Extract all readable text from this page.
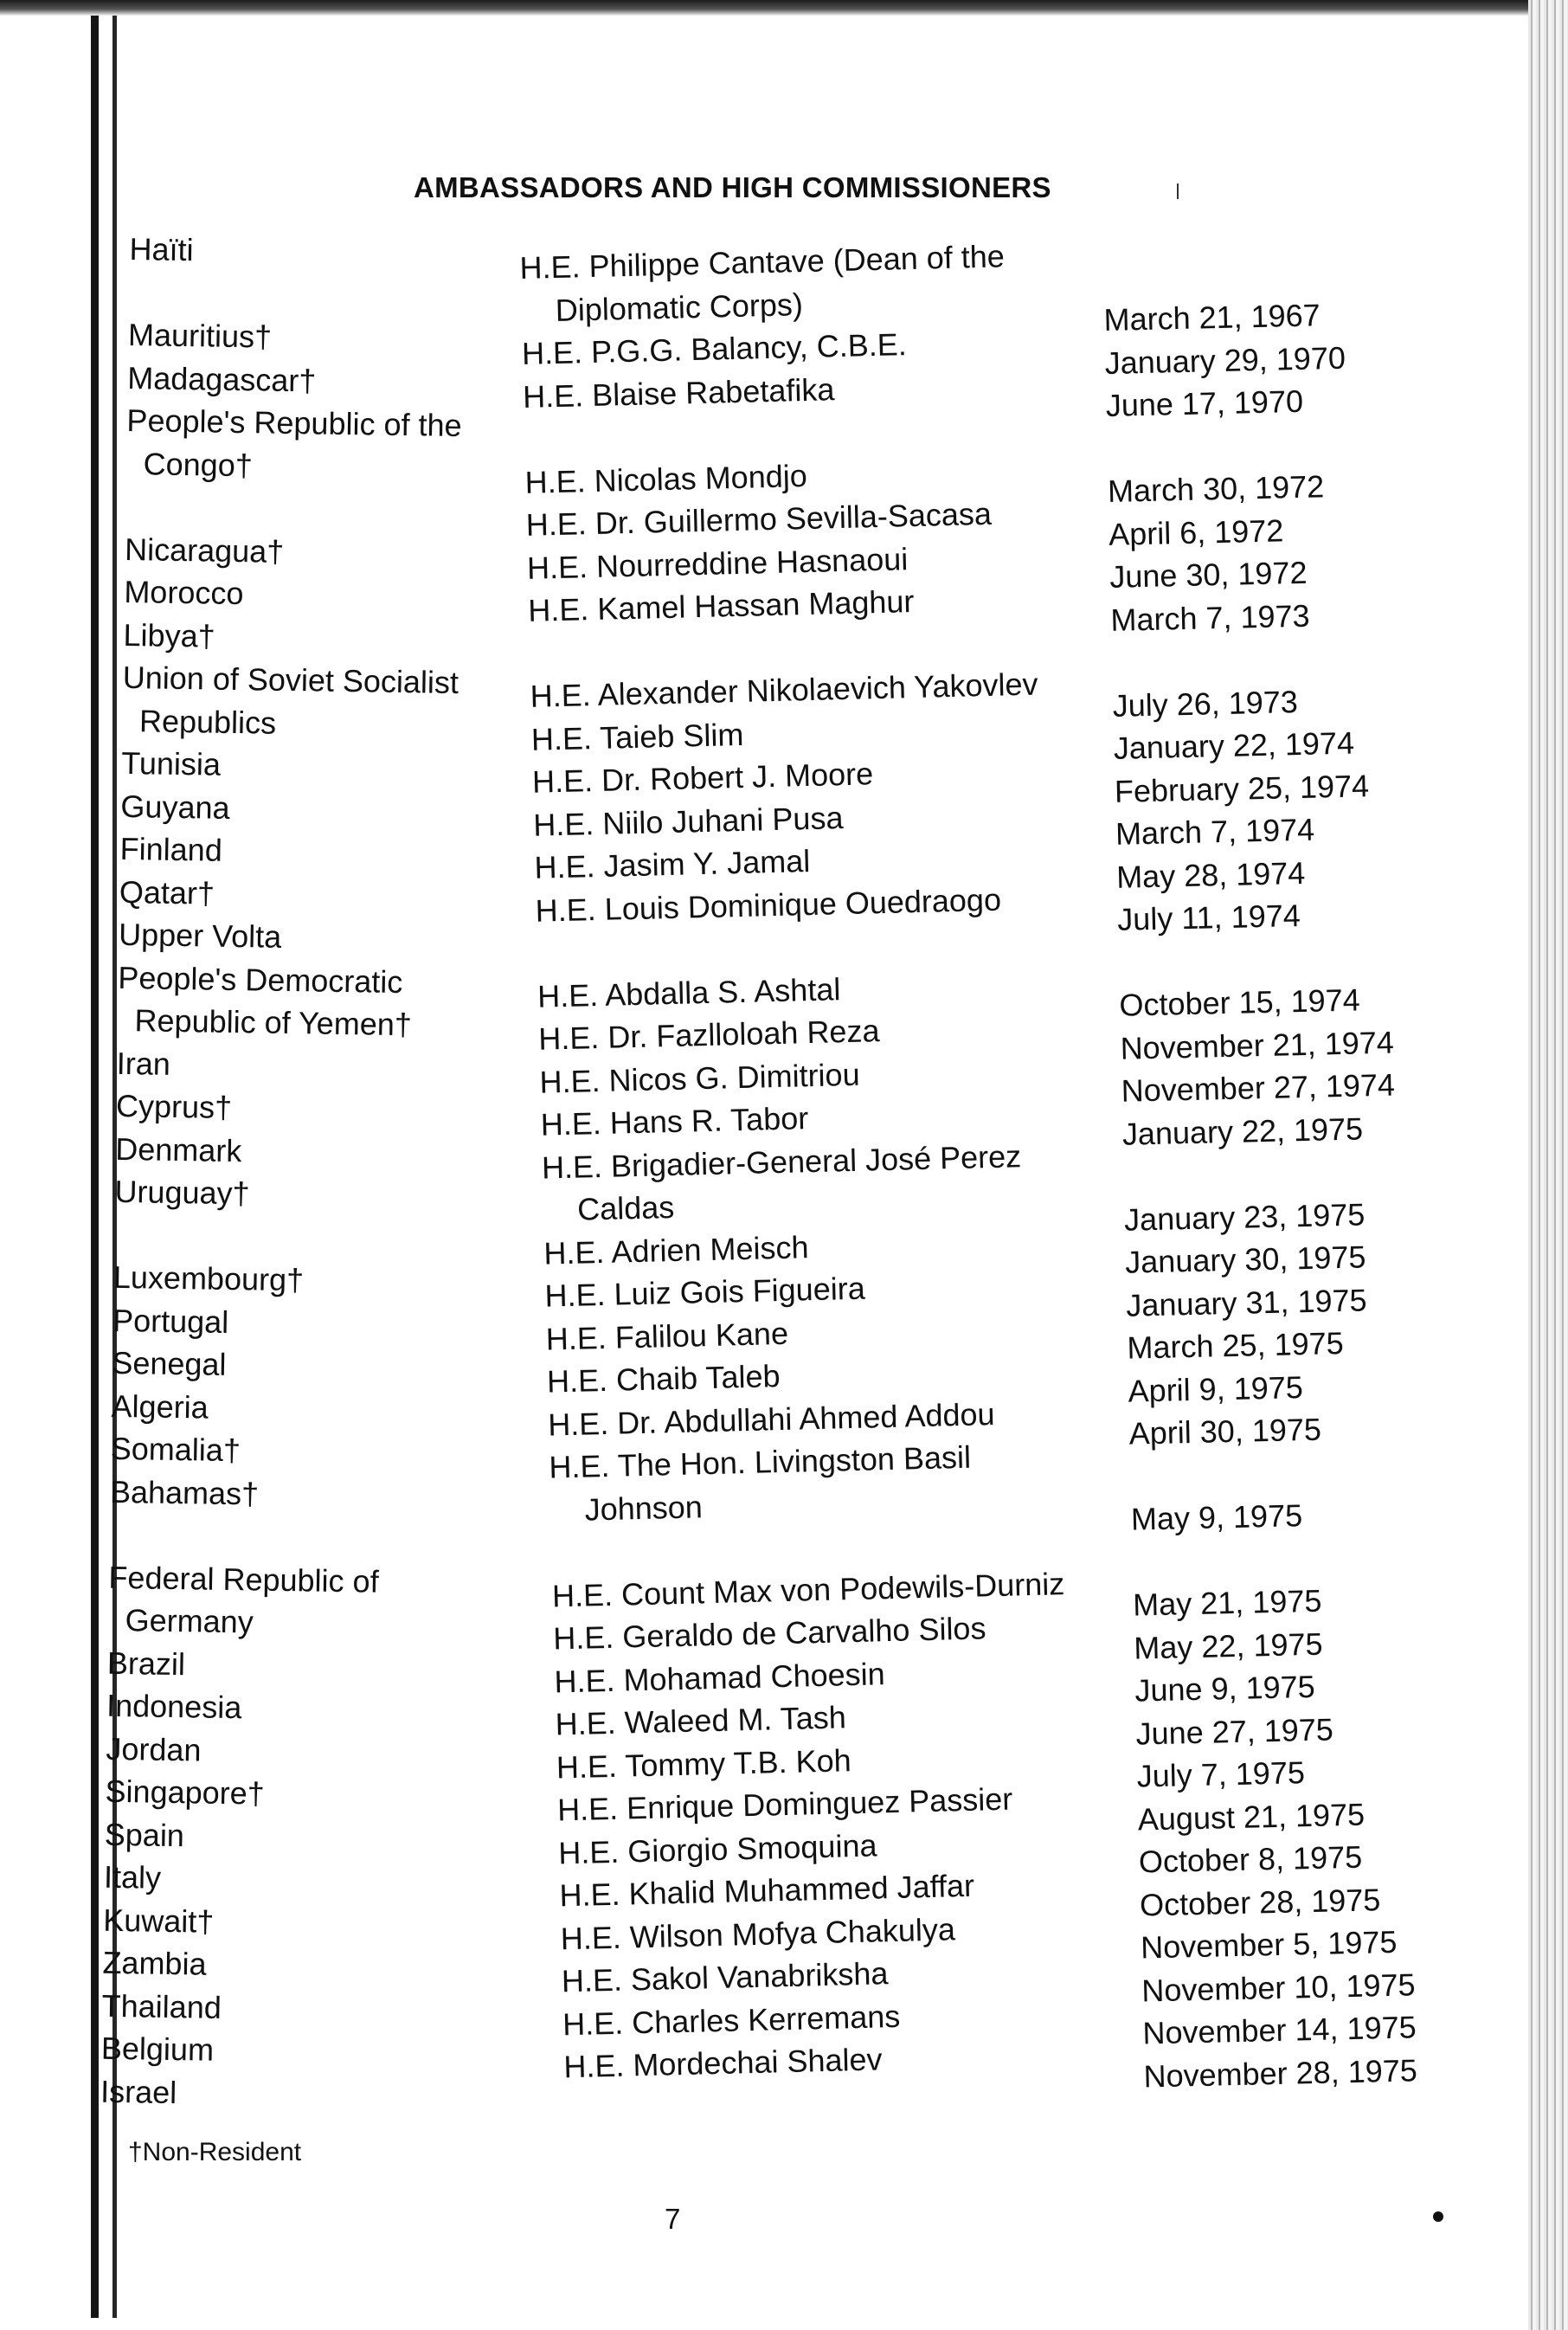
AMBASSADORS AND HIGH COMMISSIONERS
Haïti
Mauritius†
Madagascar†
People's Republic of the
Congo†
Nicaragua†
Morocco
Libya†
Union of Soviet Socialist
Republics
Tunisia
Guyana
Finland
Qatar†
Upper Volta
People's Democratic
Republic of Yemen†
Iran
Cyprus†
Denmark
Uruguay†
Luxembourg†
Portugal
Senegal
Algeria
Somalia†
Bahamas†
Federal Republic of
Germany
Brazil
Indonesia
Jordan
Singapore†
Spain
Italy
Kuwait†
Zambia
Thailand
Belgium
Israel
H.E. Philippe Cantave (Dean of the
Diplomatic Corps)
H.E. P.G.G. Balancy, C.B.E.
H.E. Blaise Rabetafika
H.E. Nicolas Mondjo
H.E. Dr. Guillermo Sevilla-Sacasa
H.E. Nourreddine Hasnaoui
H.E. Kamel Hassan Maghur
H.E. Alexander Nikolaevich Yakovlev
H.E. Taieb Slim
H.E. Dr. Robert J. Moore
H.E. Niilo Juhani Pusa
H.E. Jasim Y. Jamal
H.E. Louis Dominique Ouedraogo
H.E. Abdalla S. Ashtal
H.E. Dr. Fazlloloah Reza
H.E. Nicos G. Dimitriou
H.E. Hans R. Tabor
H.E. Brigadier-General José Perez
Caldas
H.E. Adrien Meisch
H.E. Luiz Gois Figueira
H.E. Falilou Kane
H.E. Chaib Taleb
H.E. Dr. Abdullahi Ahmed Addou
H.E. The Hon. Livingston Basil
Johnson
H.E. Count Max von Podewils-Durniz
H.E. Geraldo de Carvalho Silos
H.E. Mohamad Choesin
H.E. Waleed M. Tash
H.E. Tommy T.B. Koh
H.E. Enrique Dominguez Passier
H.E. Giorgio Smoquina
H.E. Khalid Muhammed Jaffar
H.E. Wilson Mofya Chakulya
H.E. Sakol Vanabriksha
H.E. Charles Kerremans
H.E. Mordechai Shalev
March 21, 1967
January 29, 1970
June 17, 1970
March 30, 1972
April 6, 1972
June 30, 1972
March 7, 1973
July 26, 1973
January 22, 1974
February 25, 1974
March 7, 1974
May 28, 1974
July 11, 1974
October 15, 1974
November 21, 1974
November 27, 1974
January 22, 1975
January 23, 1975
January 30, 1975
January 31, 1975
March 25, 1975
April 9, 1975
April 30, 1975
May 9, 1975
May 21, 1975
May 22, 1975
June 9, 1975
June 27, 1975
July 7, 1975
August 21, 1975
October 8, 1975
October 28, 1975
November 5, 1975
November 10, 1975
November 14, 1975
November 28, 1975
†Non-Resident
7
